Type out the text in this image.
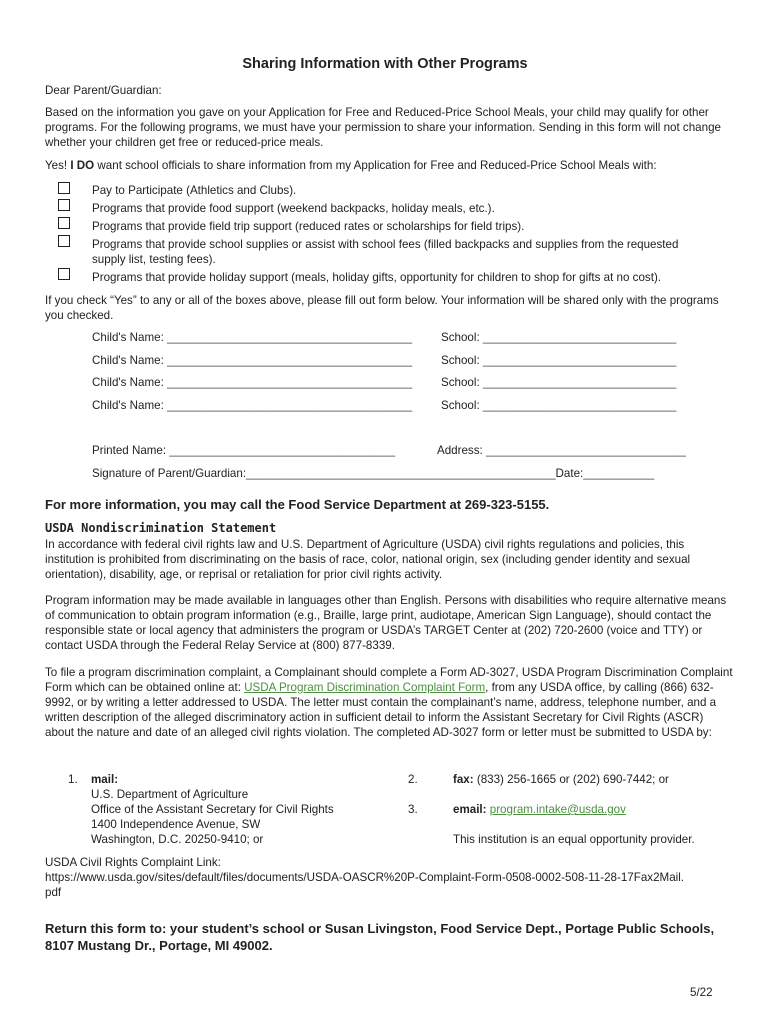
Sharing Information with Other Programs
Dear Parent/Guardian:
Based on the information you gave on your Application for Free and Reduced-Price School Meals, your child may qualify for other programs. For the following programs, we must have your permission to share your information. Sending in this form will not change whether your children get free or reduced-price meals.
Yes! I DO want school officials to share information from my Application for Free and Reduced-Price School Meals with:
Pay to Participate (Athletics and Clubs).
Programs that provide food support (weekend backpacks, holiday meals, etc.).
Programs that provide field trip support (reduced rates or scholarships for field trips).
Programs that provide school supplies or assist with school fees (filled backpacks and supplies from the requested supply list, testing fees).
Programs that provide holiday support (meals, holiday gifts, opportunity for children to shop for gifts at no cost).
If you check “Yes” to any or all of the boxes above, please fill out form below. Your information will be shared only with the programs you checked.
Child's Name: ______________________________________ School: ______________________________
Child's Name: ______________________________________ School: ______________________________
Child's Name: ______________________________________ School: ______________________________
Child's Name: ______________________________________ School: ______________________________
Printed Name: ___________________________________	Address: _______________________________
Signature of Parent/Guardian:________________________________________________Date:___________
For more information, you may call the Food Service Department at 269-323-5155.
USDA Nondiscrimination Statement
In accordance with federal civil rights law and U.S. Department of Agriculture (USDA) civil rights regulations and policies, this institution is prohibited from discriminating on the basis of race, color, national origin, sex (including gender identity and sexual orientation), disability, age, or reprisal or retaliation for prior civil rights activity.
Program information may be made available in languages other than English. Persons with disabilities who require alternative means of communication to obtain program information (e.g., Braille, large print, audiotape, American Sign Language), should contact the responsible state or local agency that administers the program or USDA’s TARGET Center at (202) 720-2600 (voice and TTY) or contact USDA through the Federal Relay Service at (800) 877-8339.
To file a program discrimination complaint, a Complainant should complete a Form AD-3027, USDA Program Discrimination Complaint Form which can be obtained online at: USDA Program Discrimination Complaint Form, from any USDA office, by calling (866) 632-9992, or by writing a letter addressed to USDA. The letter must contain the complainant’s name, address, telephone number, and a written description of the alleged discriminatory action in sufficient detail to inform the Assistant Secretary for Civil Rights (ASCR) about the nature and date of an alleged civil rights violation. The completed AD-3027 form or letter must be submitted to USDA by:
1. mail:
U.S. Department of Agriculture
Office of the Assistant Secretary for Civil Rights
1400 Independence Avenue, SW
Washington, D.C. 20250-9410; or
2.	fax: (833) 256-1665 or (202) 690-7442; or
3.	email: program.intake@usda.gov
This institution is an equal opportunity provider.
USDA Civil Rights Complaint Link:
https://www.usda.gov/sites/default/files/documents/USDA-OASCR%20P-Complaint-Form-0508-0002-508-11-28-17Fax2Mail.pdf
Return this form to: your student’s school or Susan Livingston, Food Service Dept., Portage Public Schools, 8107 Mustang Dr., Portage, MI 49002.
5/22
